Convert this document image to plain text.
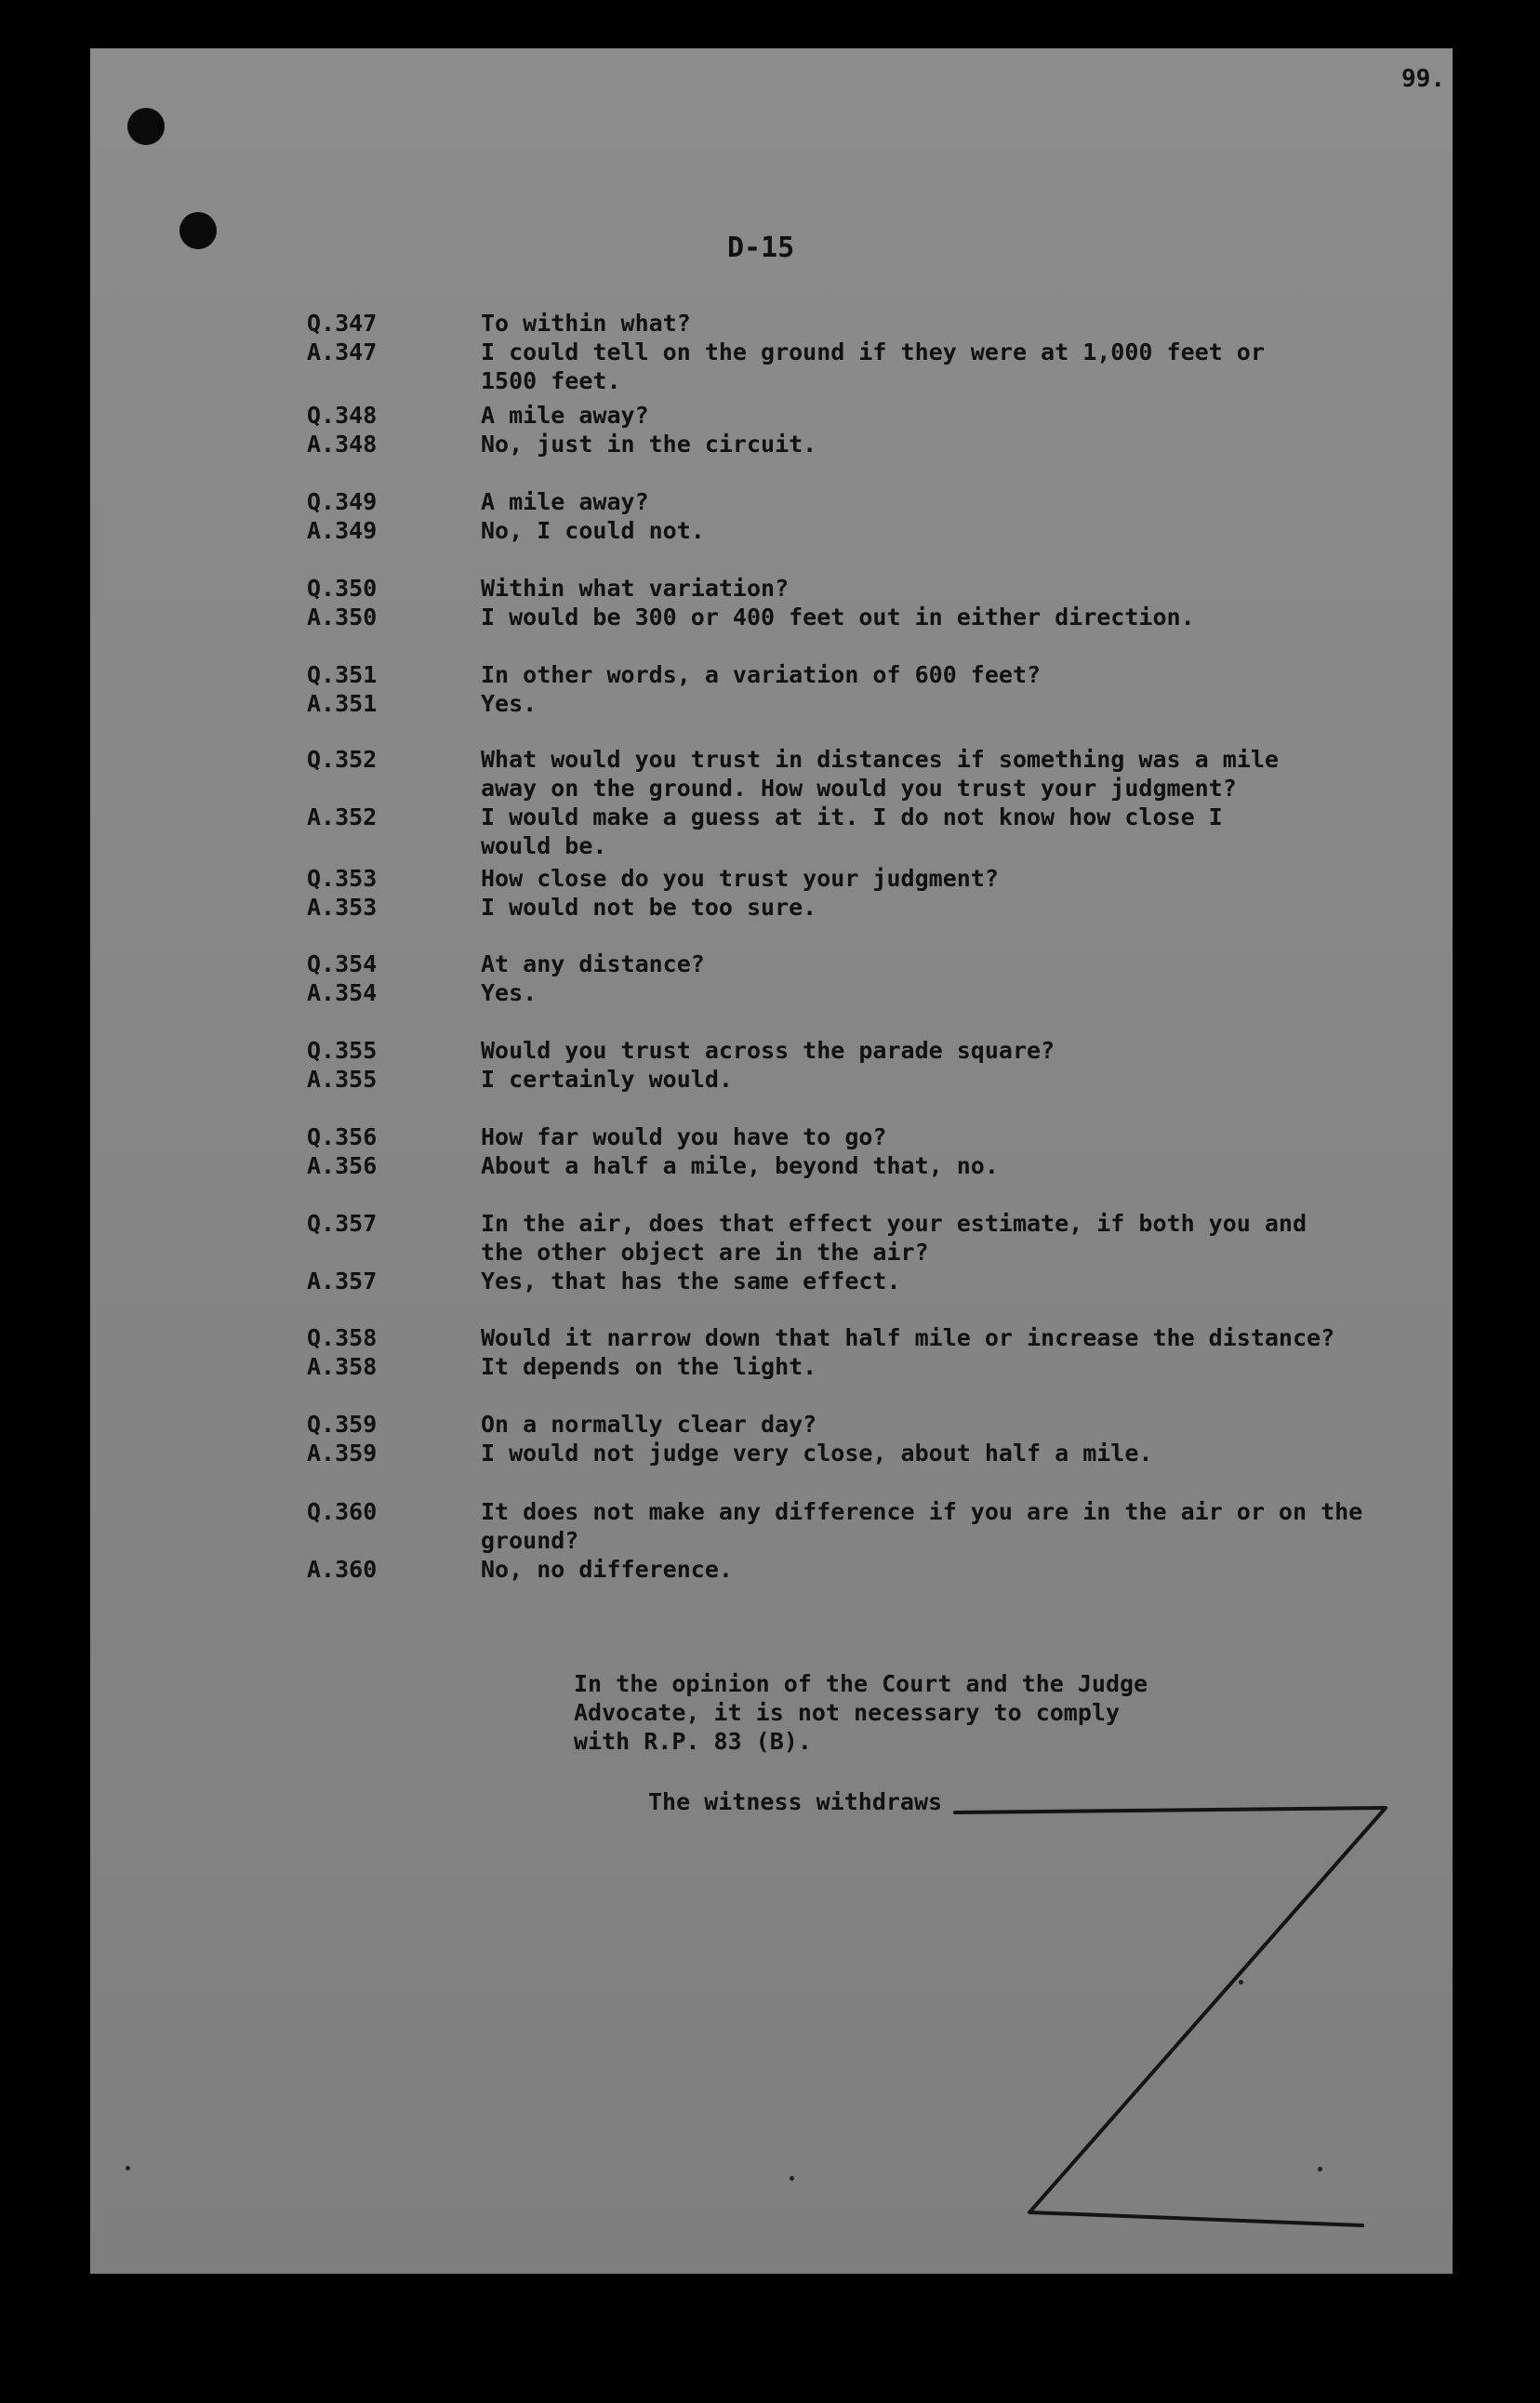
99.
D-15
Q.347	To within what?
A.347	I could tell on the ground if they were at 1,000 feet or
1500 feet.
Q.348	A mile away?
A.348	No, just in the circuit.
Q.349	A mile away?
A.349	No, I could not.
Q.350	Within what variation?
A.350	I would be 300 or 400 feet out in either direction.
Q.351	In other words, a variation of 600 feet?
A.351	Yes.
Q.352	What would you trust in distances if something was a mile
away on the ground. How would you trust your judgment?
A.352	I would make a guess at it. I do not know how close I
would be.
Q.353	How close do you trust your judgment?
A.353	I would not be too sure.
Q.354	At any distance?
A.354	Yes.
Q.355	Would you trust across the parade square?
A.355	I certainly would.
Q.356	How far would you have to go?
A.356	About a half a mile, beyond that, no.
Q.357	In the air, does that effect your estimate, if both you and
the other object are in the air?
A.357	Yes, that has the same effect.
Q.358	Would it narrow down that half mile or increase the distance?
A.358	It depends on the light.
Q.359	On a normally clear day?
A.359	I would not judge very close, about half a mile.
Q.360	It does not make any difference if you are in the air or on the
ground?
A.360	No, no difference.
In the opinion of the Court and the Judge
Advocate, it is not necessary to comply
with R.P. 83 (B).
The witness withdraws
